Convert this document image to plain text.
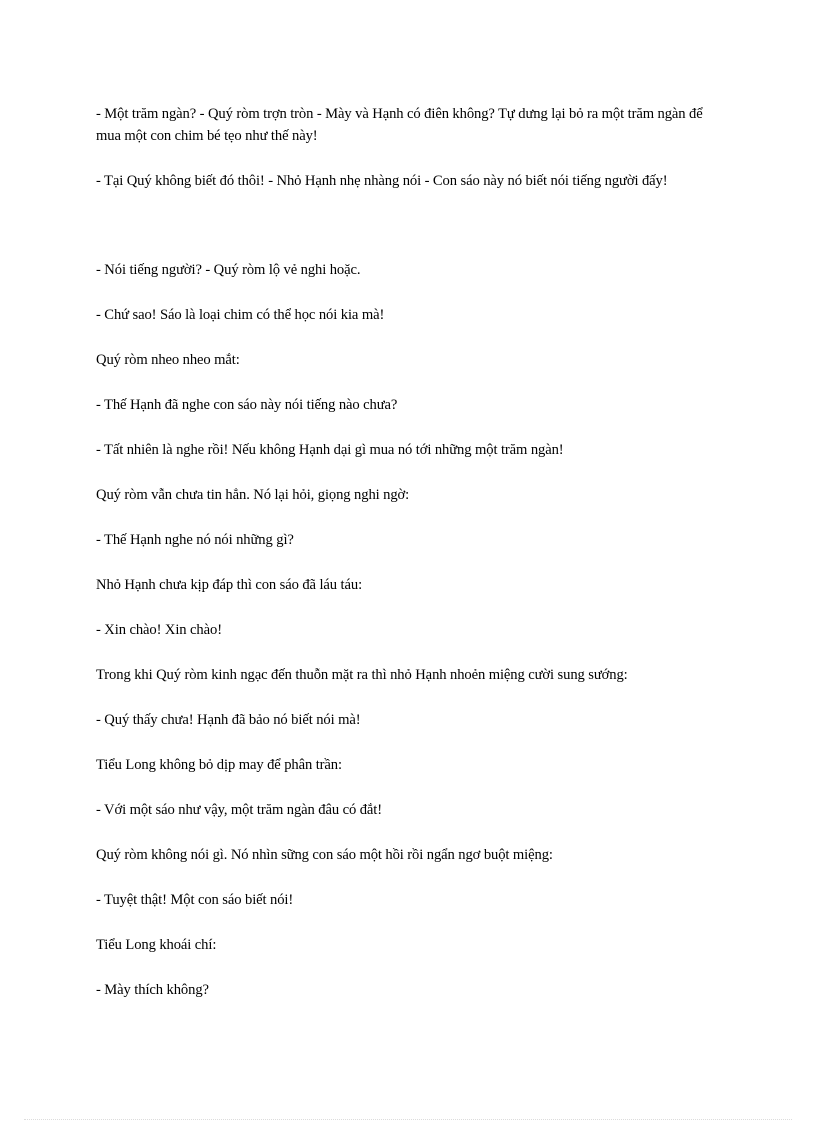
- Một trăm ngàn? - Quý ròm trợn tròn - Mày và Hạnh có điên không? Tự dưng lại bỏ ra một trăm ngàn để mua một con chim bé tẹo như thế này!

- Tại Quý không biết đó thôi! - Nhỏ Hạnh nhẹ nhàng nói - Con sáo này nó biết nói tiếng người đấy!

- Nói tiếng người? - Quý ròm lộ vẻ nghi hoặc.

- Chứ sao! Sáo là loại chim có thể học nói kia mà!

Quý ròm nheo nheo mắt:

- Thế Hạnh đã nghe con sáo này nói tiếng nào chưa?

- Tất nhiên là nghe rồi! Nếu không Hạnh dại gì mua nó tới những một trăm ngàn!

Quý ròm vẫn chưa tin hẳn. Nó lại hỏi, giọng nghi ngờ:

- Thế Hạnh nghe nó nói những gì?

Nhỏ Hạnh chưa kịp đáp thì con sáo đã láu táu:

- Xin chào! Xin chào!

Trong khi Quý ròm kinh ngạc đến thuỗn mặt ra thì nhỏ Hạnh nhoẻn miệng cười sung sướng:

- Quý thấy chưa! Hạnh đã bảo nó biết nói mà!

Tiểu Long không bỏ dịp may để phân trần:

- Với một sáo như vậy, một trăm ngàn đâu có đắt!

Quý ròm không nói gì. Nó nhìn sững con sáo một hồi rồi ngẩn ngơ buột miệng:

- Tuyệt thật! Một con sáo biết nói!

Tiểu Long khoái chí:

- Mày thích không?
